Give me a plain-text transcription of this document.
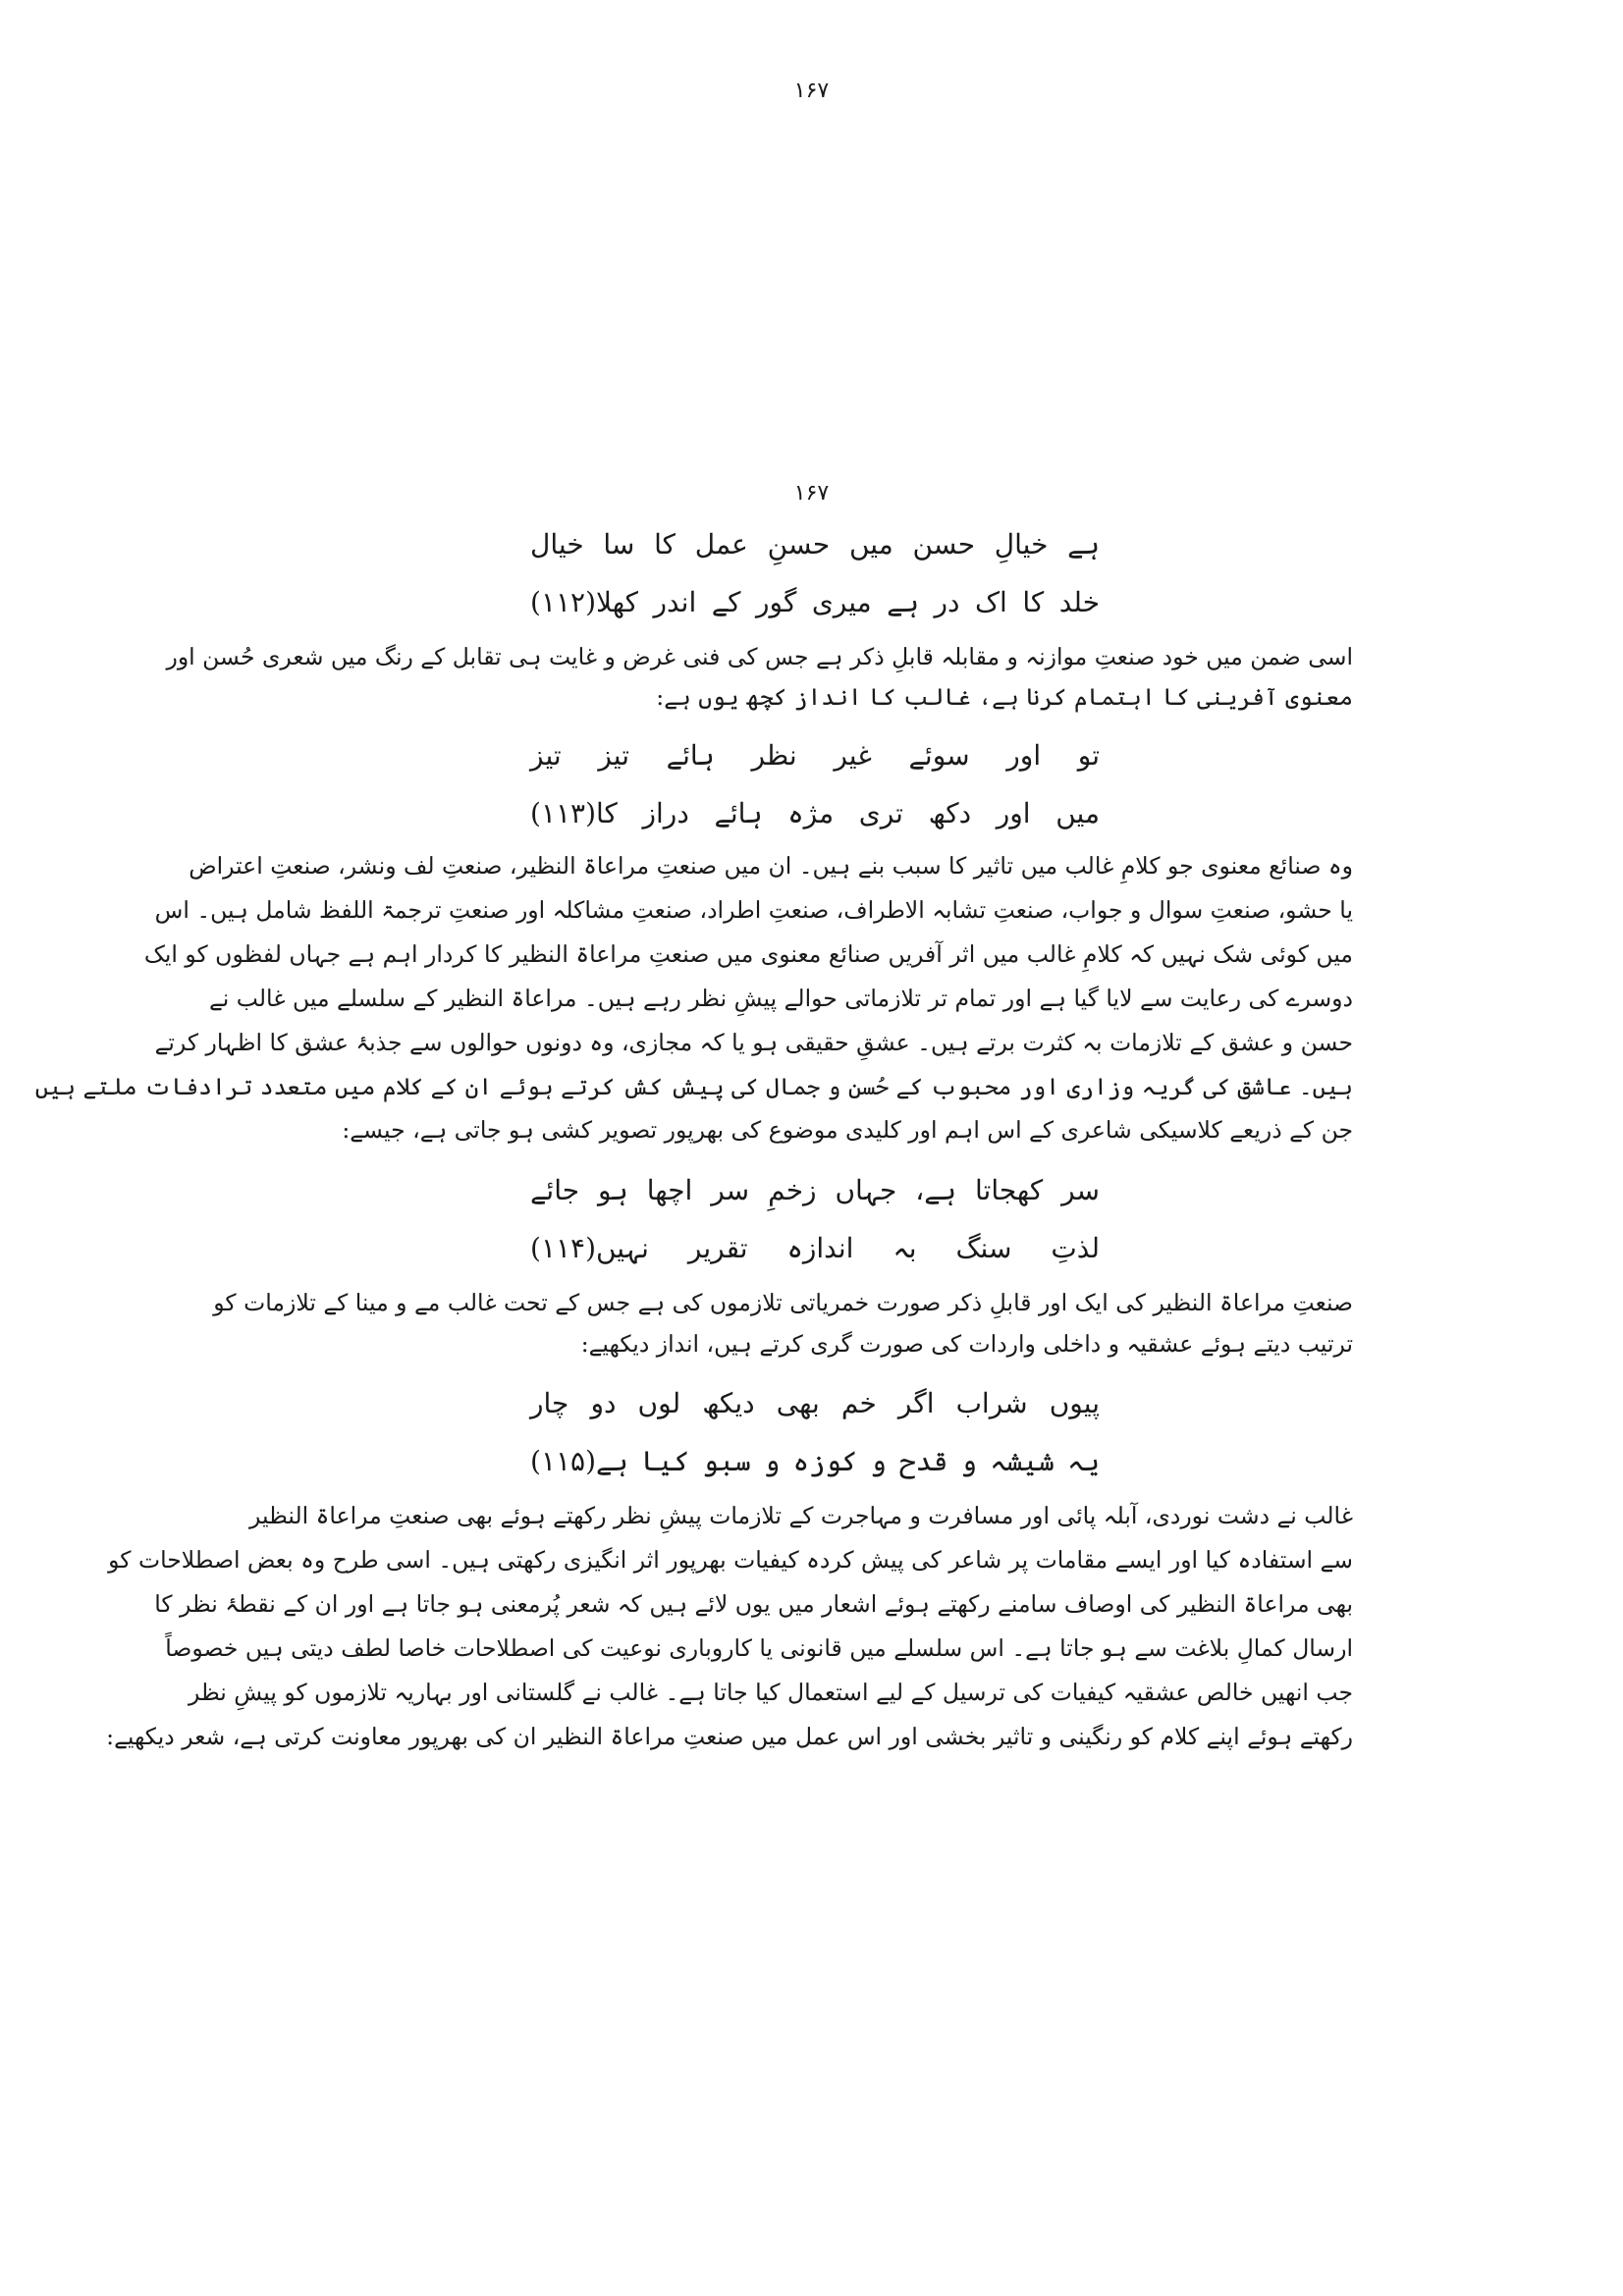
۱۶۷
۱۶۷
ہے خیالِ حسن میں حسنِ عمل کا سا خیال
خلد کا اک در ہے میری گور کے اندر کھلا(۱۱۲)
اسی ضمن میں خود صنعتِ موازنہ و مقابلہ قابلِ ذکر ہے جس کی فنی غرض و غایت ہی تقابل کے رنگ میں شعری حُسن اور
معنوی آفرینی کا اہتمام کرنا ہے، غالب کا انداز کچھ یوں ہے:
تو اور سوئے غیر نظر ہائے تیز تیز
میں اور دکھ تری مژہ ہائے دراز کا(۱۱۳)
وہ صنائع معنوی جو کلامِ غالب میں تاثیر کا سبب بنے ہیں۔ ان میں صنعتِ مراعاۃ النظیر، صنعتِ لف ونشر، صنعتِ اعتراض
یا حشو، صنعتِ سوال و جواب، صنعتِ تشابہ الاطراف، صنعتِ اطراد، صنعتِ مشاکلہ اور صنعتِ ترجمۃ اللفظ شامل ہیں۔ اس
میں کوئی شک نہیں کہ کلامِ غالب میں اثر آفریں صنائع معنوی میں صنعتِ مراعاۃ النظیر کا کردار اہم ہے جہاں لفظوں کو ایک
دوسرے کی رعایت سے لایا گیا ہے اور تمام تر تلازماتی حوالے پیشِ نظر رہے ہیں۔ مراعاۃ النظیر کے سلسلے میں غالب نے
حسن و عشق کے تلازمات بہ کثرت برتے ہیں۔ عشقِ حقیقی ہو یا کہ مجازی، وہ دونوں حوالوں سے جذبۂ عشق کا اظہار کرتے
ہیں۔ عاشق کی گریہ وزاری اور محبوب کے حُسن و جمال کی پیش کش کرتے ہوئے ان کے کلام میں متعدد ترادفات ملتے ہیں
جن کے ذریعے کلاسیکی شاعری کے اس اہم اور کلیدی موضوع کی بھرپور تصویر کشی ہو جاتی ہے، جیسے:
سر کھجاتا ہے، جہاں زخمِ سر اچھا ہو جائے
لذتِ سنگ بہ اندازہ تقریر نہیں(۱۱۴)
صنعتِ مراعاۃ النظیر کی ایک اور قابلِ ذکر صورت خمریاتی تلازموں کی ہے جس کے تحت غالب مے و مینا کے تلازمات کو
ترتیب دیتے ہوئے عشقیہ و داخلی واردات کی صورت گری کرتے ہیں، انداز دیکھیے:
پیوں شراب اگر خم بھی دیکھ لوں دو چار
یہ شیشہ و قدح و کوزہ و سبو کیا ہے(۱۱۵)
غالب نے دشت نوردی، آبلہ پائی اور مسافرت و مہاجرت کے تلازمات پیشِ نظر رکھتے ہوئے بھی صنعتِ مراعاۃ النظیر
سے استفادہ کیا اور ایسے مقامات پر شاعر کی پیش کردہ کیفیات بھرپور اثر انگیزی رکھتی ہیں۔ اسی طرح وہ بعض اصطلاحات کو
بھی مراعاۃ النظیر کی اوصاف سامنے رکھتے ہوئے اشعار میں یوں لائے ہیں کہ شعر پُرمعنی ہو جاتا ہے اور ان کے نقطۂ نظر کا
ارسال کمالِ بلاغت سے ہو جاتا ہے۔ اس سلسلے میں قانونی یا کاروباری نوعیت کی اصطلاحات خاصا لطف دیتی ہیں خصوصاً
جب انھیں خالص عشقیہ کیفیات کی ترسیل کے لیے استعمال کیا جاتا ہے۔ غالب نے گلستانی اور بہاریہ تلازموں کو پیشِ نظر
رکھتے ہوئے اپنے کلام کو رنگینی و تاثیر بخشی اور اس عمل میں صنعتِ مراعاۃ النظیر ان کی بھرپور معاونت کرتی ہے، شعر دیکھیے:
